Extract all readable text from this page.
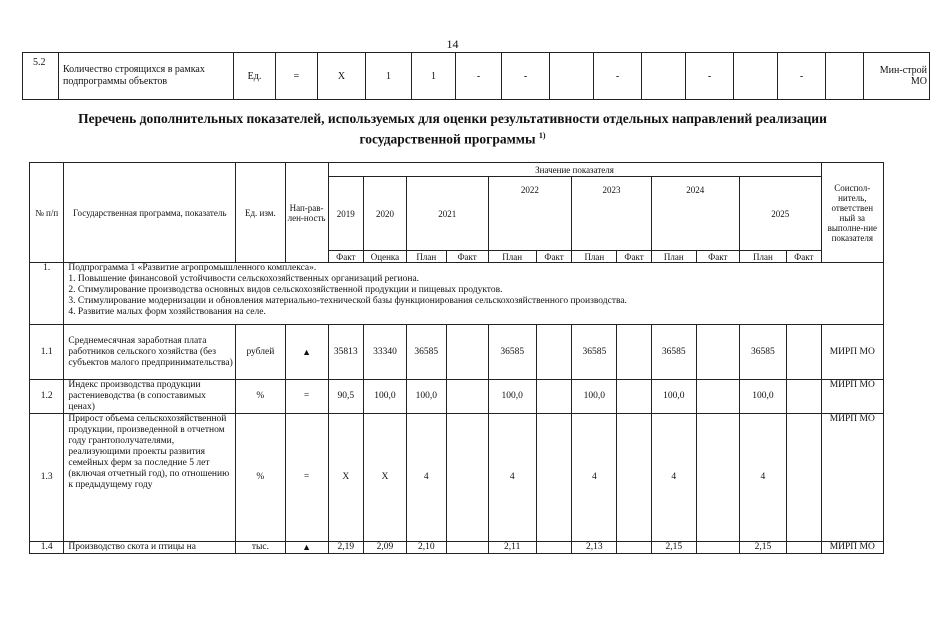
14
5.2	Количество строящихся в рамках подпрограммы объектов	Ед.	=	Х	1	1	-	-		-		-		-		Мин-строй МО
Перечень дополнительных показателей, используемых для оценки результативности отдельных направлений реализации государственной программы $^{1)}$
№ п/п	Государственная программа, показатель	Ед. изм.	Нап-рав-лен-ность	Значение показателя												Соиспол-нитель, ответствен ный за выполне-ние показателя
				2019	2020	2021		2022		2023		2024		2025		
				Факт	Оценка	План	Факт	План	Факт	План	Факт	План	Факт	План	Факт	
1.	Подпрограмма 1 «Развитие агропромышленного комплекса».
1. Повышение финансовой устойчивости сельскохозяйственных организаций региона.
2. Стимулирование производства основных видов сельскохозяйственной продукции и пищевых продуктов.
3. Стимулирование модернизации и обновления материально-технической базы функционирования сельскохозяйственного производства.
4. Развитие малых форм хозяйствования на селе.															

1.1	Среднемесячная заработная плата работников сельского хозяйства (без субъектов малого предпринимательства)	рублей	▲	35813	33340	36585		36585		36585		36585		36585		МИРП МО
1.2	Индекс производства продукции растениеводства (в сопоставимых ценах)	%	=	90,5	100,0	100,0		100,0		100,0		100,0		100,0		МИРП МО
1.3	Прирост объема сельскохозяйственной продукции, произведенной в отчетном году грантополучателями, реализующими проекты развития семейных ферм за последние 5 лет (включая отчетный год), по отношению к предыдущему году	%	=	Х	Х	4		4		4		4		4		МИРП МО
1.4	Производство скота и птицы на	тыс.	▲	2,19	2,09	2,10		2,11		2,13		2,15		2,15		МИРП МО
